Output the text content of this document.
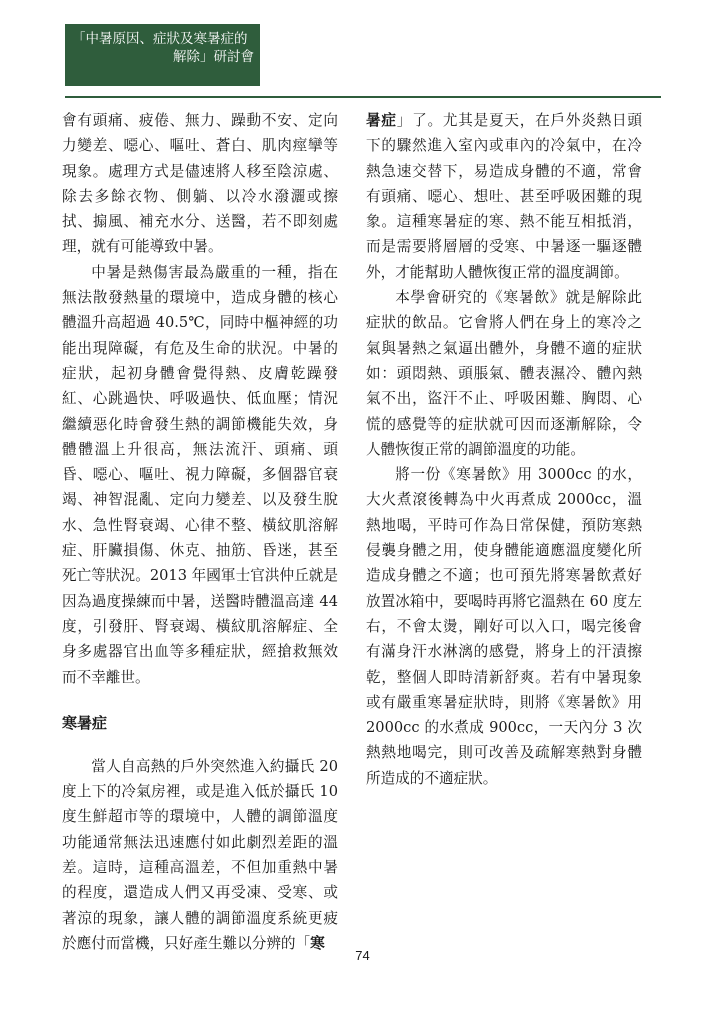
「中暑原因、症狀及寒暑症的
解除」研討會

會有頭痛、疲倦、無力、躁動不安、定向力變差、噁心、嘔吐、蒼白、肌肉痙攣等現象。處理方式是儘速將人移至陰涼處、除去多餘衣物、側躺、以冷水潑灑或擦拭、搧風、補充水分、送醫，若不即刻處理，就有可能導致中暑。

中暑是熱傷害最為嚴重的一種，指在無法散發熱量的環境中，造成身體的核心體溫升高超過 40.5℃，同時中樞神經的功能出現障礙，有危及生命的狀況。中暑的症狀，起初身體會覺得熱、皮膚乾躁發紅、心跳過快、呼吸過快、低血壓；情況繼續惡化時會發生熱的調節機能失效，身體體溫上升很高，無法流汗、頭痛、頭昏、噁心、嘔吐、視力障礙，多個器官衰竭、神智混亂、定向力變差、以及發生脫水、急性腎衰竭、心律不整、橫紋肌溶解症、肝臟損傷、休克、抽筋、昏迷，甚至死亡等狀況。2013 年國軍士官洪仲丘就是因為過度操練而中暑，送醫時體溫高達 44 度，引發肝、腎衰竭、橫紋肌溶解症、全身多處器官出血等多種症狀，經搶救無效而不幸離世。

寒暑症

當人自高熱的戶外突然進入約攝氏 20 度上下的冷氣房裡，或是進入低於攝氏 10 度生鮮超市等的環境中，人體的調節溫度功能通常無法迅速應付如此劇烈差距的溫差。這時，這種高溫差，不但加重熱中暑的程度，還造成人們又再受凍、受寒、或著涼的現象，讓人體的調節溫度系統更疲於應付而當機，只好產生難以分辨的「寒

暑症」了。尤其是夏天，在戶外炎熱日頭下的驟然進入室內或車內的冷氣中，在冷熱急速交替下，易造成身體的不適，常會有頭痛、噁心、想吐、甚至呼吸困難的現象。這種寒暑症的寒、熱不能互相抵消，而是需要將層層的受寒、中暑逐一驅逐體外，才能幫助人體恢復正常的溫度調節。

本學會研究的《寒暑飲》就是解除此症狀的飲品。它會將人們在身上的寒冷之氣與暑熱之氣逼出體外，身體不適的症狀如：頭悶熱、頭脹氣、體表濕冷、體內熱氣不出，盜汗不止、呼吸困難、胸悶、心慌的感覺等的症狀就可因而逐漸解除，令人體恢復正常的調節溫度的功能。

將一份《寒暑飲》用 3000cc 的水，大火煮滾後轉為中火再煮成 2000cc，溫熱地喝，平時可作為日常保健，預防寒熱侵襲身體之用，使身體能適應溫度變化所造成身體之不適；也可預先將寒暑飲煮好放置冰箱中，要喝時再將它溫熱在 60 度左右，不會太燙，剛好可以入口，喝完後會有滿身汗水淋漓的感覺，將身上的汗漬擦乾，整個人即時清新舒爽。若有中暑現象或有嚴重寒暑症狀時，則將《寒暑飲》用 2000cc 的水煮成 900cc，一天內分 3 次熱熱地喝完，則可改善及疏解寒熱對身體所造成的不適症狀。

74
